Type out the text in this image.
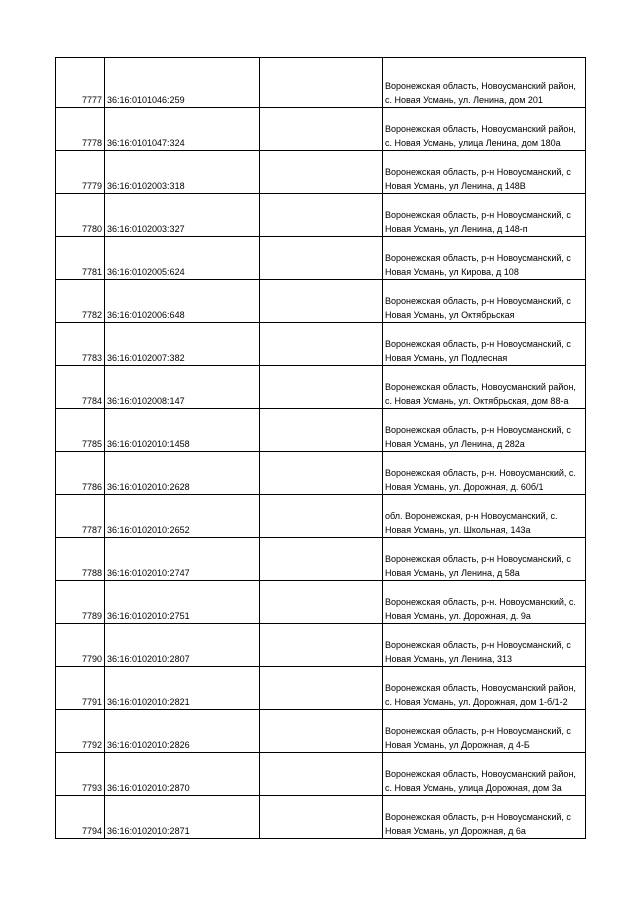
7777	36:16:0101046:259		Воронежская область, Новоусманский район, с. Новая Усмань, ул. Ленина, дом 201
7778	36:16:0101047:324		Воронежская область, Новоусманский район, с. Новая Усмань, улица Ленина, дом 180а
7779	36:16:0102003:318		Воронежская область, р-н Новоусманский, с Новая Усмань, ул Ленина, д 148В
7780	36:16:0102003:327		Воронежская область, р-н Новоусманский, с Новая Усмань, ул Ленина, д 148-п
7781	36:16:0102005:624		Воронежская область, р-н Новоусманский, с Новая Усмань, ул Кирова, д 108
7782	36:16:0102006:648		Воронежская область, р-н Новоусманский, с Новая Усмань, ул Октябрьская
7783	36:16:0102007:382		Воронежская область, р-н Новоусманский, с Новая Усмань, ул Подлесная
7784	36:16:0102008:147		Воронежская область, Новоусманский район, с. Новая Усмань, ул. Октябрьская, дом 88-а
7785	36:16:0102010:1458		Воронежская область, р-н Новоусманский, с Новая Усмань, ул Ленина, д 282а
7786	36:16:0102010:2628		Воронежская область, р-н. Новоусманский, с. Новая Усмань, ул. Дорожная, д. 60б/1
7787	36:16:0102010:2652		обл. Воронежская, р-н Новоусманский, с. Новая Усмань, ул. Школьная, 143а
7788	36:16:0102010:2747		Воронежская область, р-н Новоусманский, с Новая Усмань, ул Ленина, д 58а
7789	36:16:0102010:2751		Воронежская область, р-н. Новоусманский, с. Новая Усмань, ул. Дорожная, д. 9а
7790	36:16:0102010:2807		Воронежская область, р-н Новоусманский, с Новая Усмань, ул Ленина, 313
7791	36:16:0102010:2821		Воронежская область, Новоусманский район, с. Новая Усмань, ул. Дорожная, дом 1-б/1-2
7792	36:16:0102010:2826		Воронежская область, р-н Новоусманский, с Новая Усмань, ул Дорожная, д 4-Б
7793	36:16:0102010:2870		Воронежская область, Новоусманский район, с. Новая Усмань, улица Дорожная, дом 3а
7794	36:16:0102010:2871		Воронежская область, р-н Новоусманский, с Новая Усмань, ул Дорожная, д 6а
